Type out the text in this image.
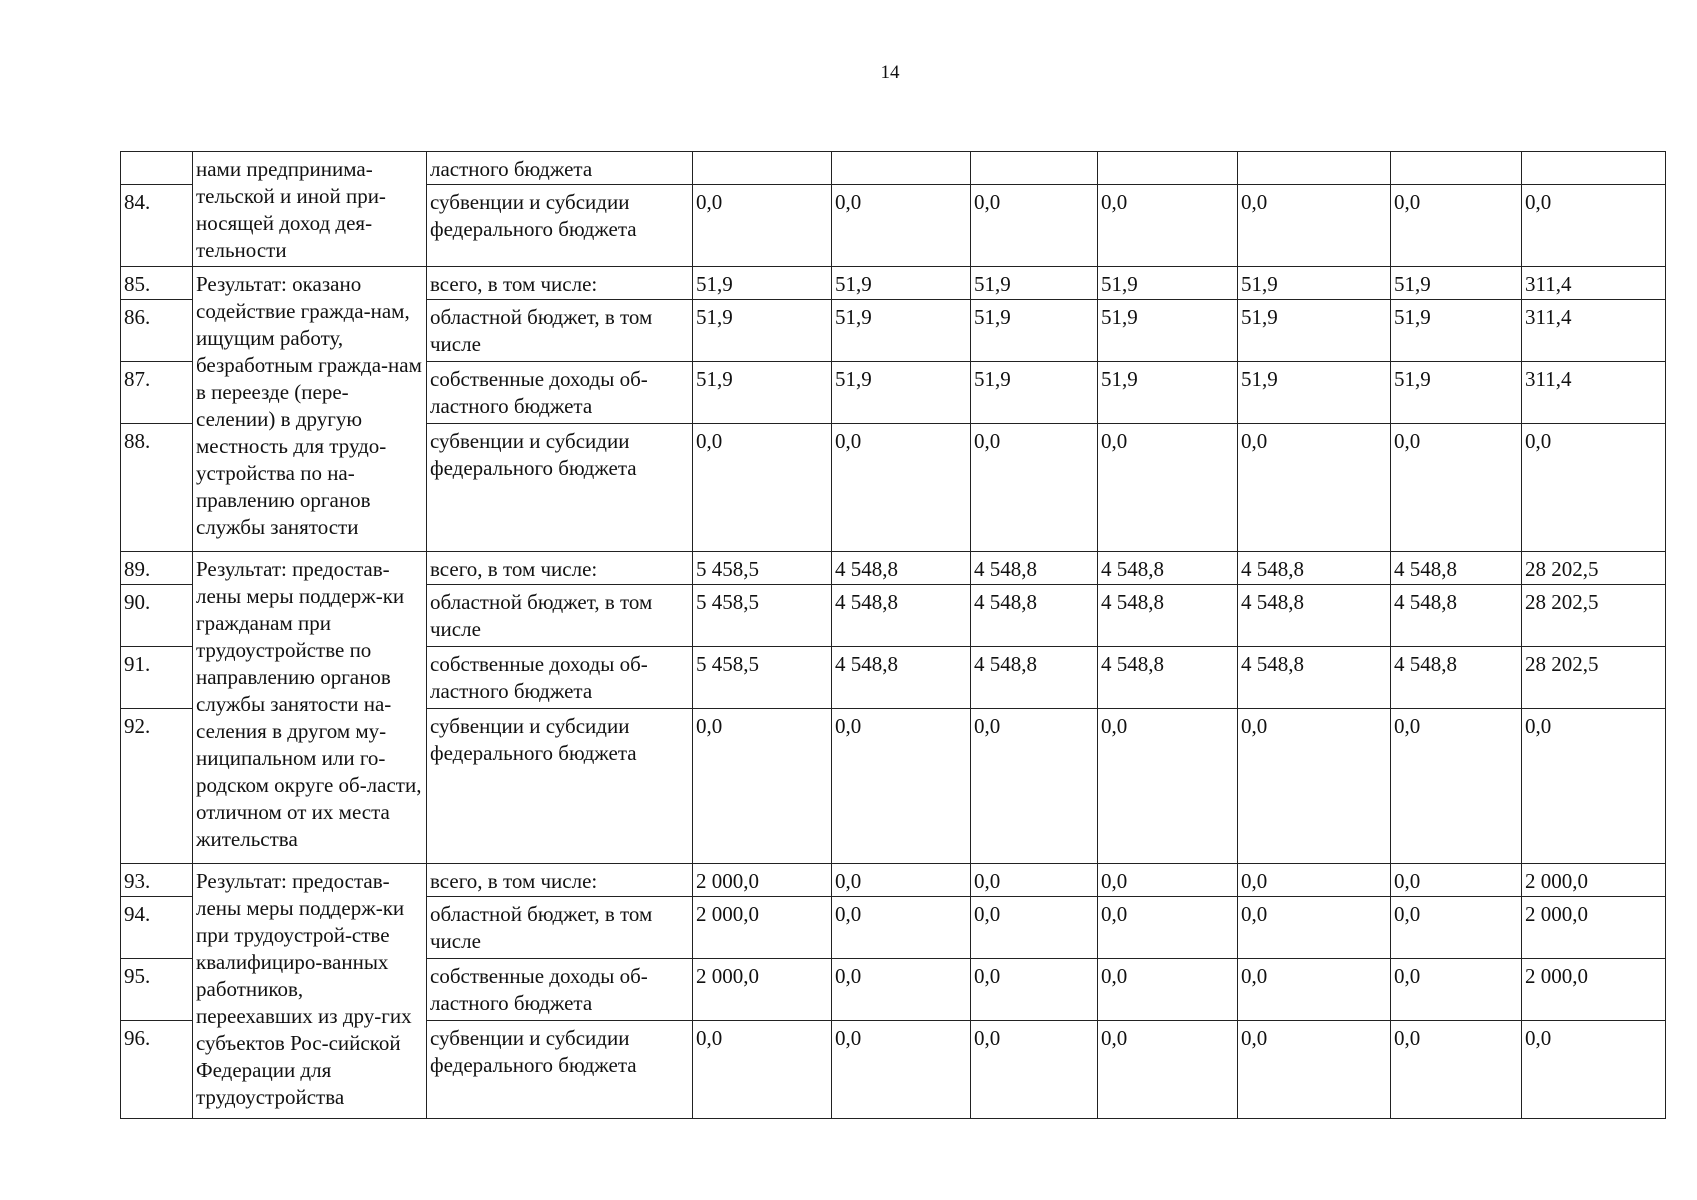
14
	нами предпринима-тельской и иной при-носящей доход дея-тельности	ластного бюджета							
84.		субвенции и субсидии федерального бюджета	0,0	0,0	0,0	0,0	0,0	0,0	0,0
85.	Результат: оказано содействие гражда-нам, ищущим работу, безработным гражда-нам в переезде (пере-селении) в другую местность для трудо-устройства по на-правлению органов службы занятости	всего, в том числе:	51,9	51,9	51,9	51,9	51,9	51,9	311,4
86.		областной бюджет, в том числе	51,9	51,9	51,9	51,9	51,9	51,9	311,4
87.		собственные доходы об-ластного бюджета	51,9	51,9	51,9	51,9	51,9	51,9	311,4
88.		субвенции и субсидии федерального бюджета	0,0	0,0	0,0	0,0	0,0	0,0	0,0
89.	Результат: предостав-лены меры поддерж-ки гражданам при трудоустройстве по направлению органов службы занятости на-селения в другом му-ниципальном или го-родском округе об-ласти, отличном от их места жительства	всего, в том числе:	5 458,5	4 548,8	4 548,8	4 548,8	4 548,8	4 548,8	28 202,5
90.		областной бюджет, в том числе	5 458,5	4 548,8	4 548,8	4 548,8	4 548,8	4 548,8	28 202,5
91.		собственные доходы об-ластного бюджета	5 458,5	4 548,8	4 548,8	4 548,8	4 548,8	4 548,8	28 202,5
92.		субвенции и субсидии федерального бюджета	0,0	0,0	0,0	0,0	0,0	0,0	0,0
93.	Результат: предостав-лены меры поддерж-ки при трудоустрой-стве квалифициро-ванных работников, переехавших из дру-гих субъектов Рос-сийской Федерации для трудоустройства	всего, в том числе:	2 000,0	0,0	0,0	0,0	0,0	0,0	2 000,0
94.		областной бюджет, в том числе	2 000,0	0,0	0,0	0,0	0,0	0,0	2 000,0
95.		собственные доходы об-ластного бюджета	2 000,0	0,0	0,0	0,0	0,0	0,0	2 000,0
96.		субвенции и субсидии федерального бюджета	0,0	0,0	0,0	0,0	0,0	0,0	0,0
